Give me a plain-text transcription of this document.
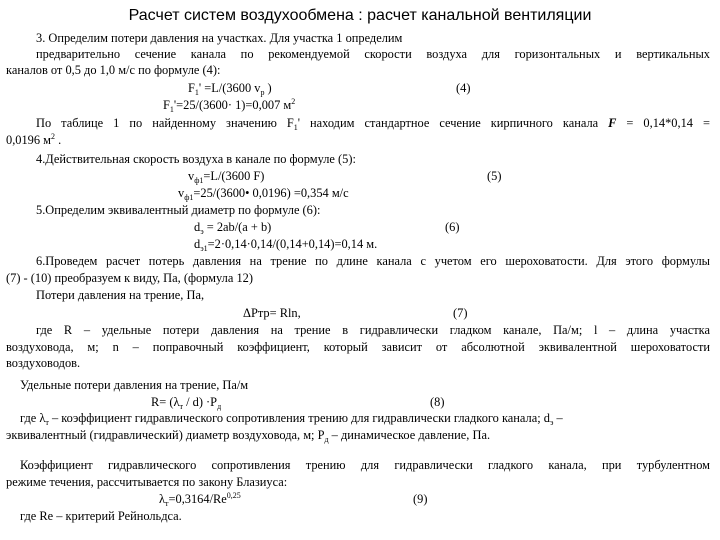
Расчет систем воздухообмена : расчет канальной вентиляции
3. Определим потери давления на участках. Для участка 1 определим
предварительно сечение канала по рекомендуемой скорости воздуха для горизонтальных и вертикальных
каналов от 0,5 до 1,0 м/с по формуле (4):
$F_1' =L/(3600$ $v_р$ )	(4)
$F_1'=25/(3600\cdot 1)=0,007$ $м^2$
По таблице 1 по найденному значению $F_1'$ находим стандартное сечение кирпичного канала F = 0,14*0,14 =
0,0196 $м^2$ .
4.Действительная скорость воздуха в канале по формуле (5):
$v_{ф1}=L/(3600$ F)	(5)
$v_{ф1}=25/(3600•$ 0,0196) =0,354 м/с
5.Определим эквивалентный диаметр по формуле (6):
$d_э = 2ab/(a + b)$	(6)
$d_{э1}=2\cdot 0,14\cdot 0,14/(0,14+0,14)=0,14$ м.
6.Проведем расчет потерь давления на трение по длине канала с учетом его шероховатости. Для этого формулы
(7) - (10) преобразуем к виду, Па, (формула 12)
Потери давления на трение, Па,
ΔPтр= Rln,	(7)
где R – удельные потери давления на трение в гидравлически гладком канале, Па/м; l – длина участка
воздуховода, м; n – поправочный коэффициент, который зависит от абсолютной эквивалентной шероховатости
воздуховодов.
Удельные потери давления на трение, Па/м
$R= (\lambda_т / d) \cdot P_д$	(8)
где $\lambda_т$ – коэффициент гидравлического сопротивления трению для гидравлически гладкого канала; $d_э$ –
эквивалентный (гидравлический) диаметр воздуховода, м; $P_д$ – динамическое давление, Па.
Коэффициент гидравлического сопротивления трению для гидравлически гладкого канала, при турбулентном
режиме течения, рассчитывается по закону Блазиуса:
$\lambda_т=0,3164/Re^{0,25}$	(9)
где Re – критерий Рейнольдса.
